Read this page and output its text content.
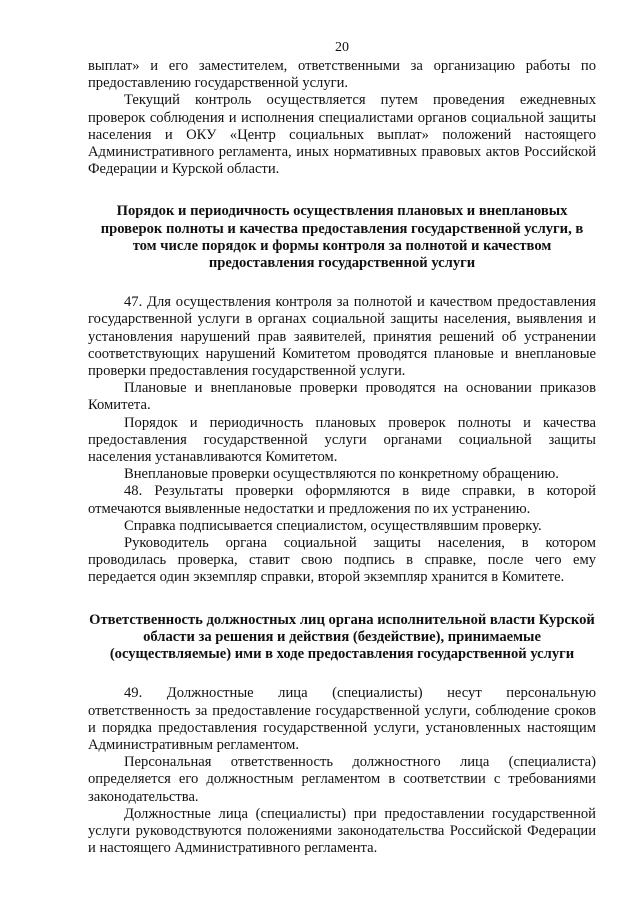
20

выплат» и его заместителем, ответственными за организацию работы по предоставлению государственной услуги.

Текущий контроль осуществляется путем проведения ежедневных проверок соблюдения и исполнения специалистами органов социальной защиты населения и ОКУ «Центр социальных выплат» положений настоящего Административного регламента, иных нормативных правовых актов Российской Федерации и Курской области.

Порядок и периодичность осуществления плановых и внеплановых проверок полноты и качества предоставления государственной услуги, в том числе порядок и формы контроля за полнотой и качеством предоставления государственной услуги

47. Для осуществления контроля за полнотой и качеством предоставления государственной услуги в органах социальной защиты населения, выявления и установления нарушений прав заявителей, принятия решений об устранении соответствующих нарушений Комитетом проводятся плановые и внеплановые проверки предоставления государственной услуги.

Плановые и внеплановые проверки проводятся на основании приказов Комитета.

Порядок и периодичность плановых проверок полноты и качества предоставления государственной услуги органами социальной защиты населения устанавливаются Комитетом.

Внеплановые проверки осуществляются по конкретному обращению.

48. Результаты проверки оформляются в виде справки, в которой отмечаются выявленные недостатки и предложения по их устранению.

Справка подписывается специалистом, осуществлявшим проверку.

Руководитель органа социальной защиты населения, в котором проводилась проверка, ставит свою подпись в справке, после чего ему передается один экземпляр справки, второй экземпляр хранится в Комитете.

Ответственность должностных лиц органа исполнительной власти Курской области за решения и действия (бездействие), принимаемые (осуществляемые) ими в ходе предоставления государственной услуги

49. Должностные лица (специалисты) несут персональную ответственность за предоставление государственной услуги, соблюдение сроков и порядка предоставления государственной услуги, установленных настоящим Административным регламентом.

Персональная ответственность должностного лица (специалиста) определяется его должностным регламентом в соответствии с требованиями законодательства.

Должностные лица (специалисты) при предоставлении государственной услуги руководствуются положениями законодательства Российской Федерации и настоящего Административного регламента.
